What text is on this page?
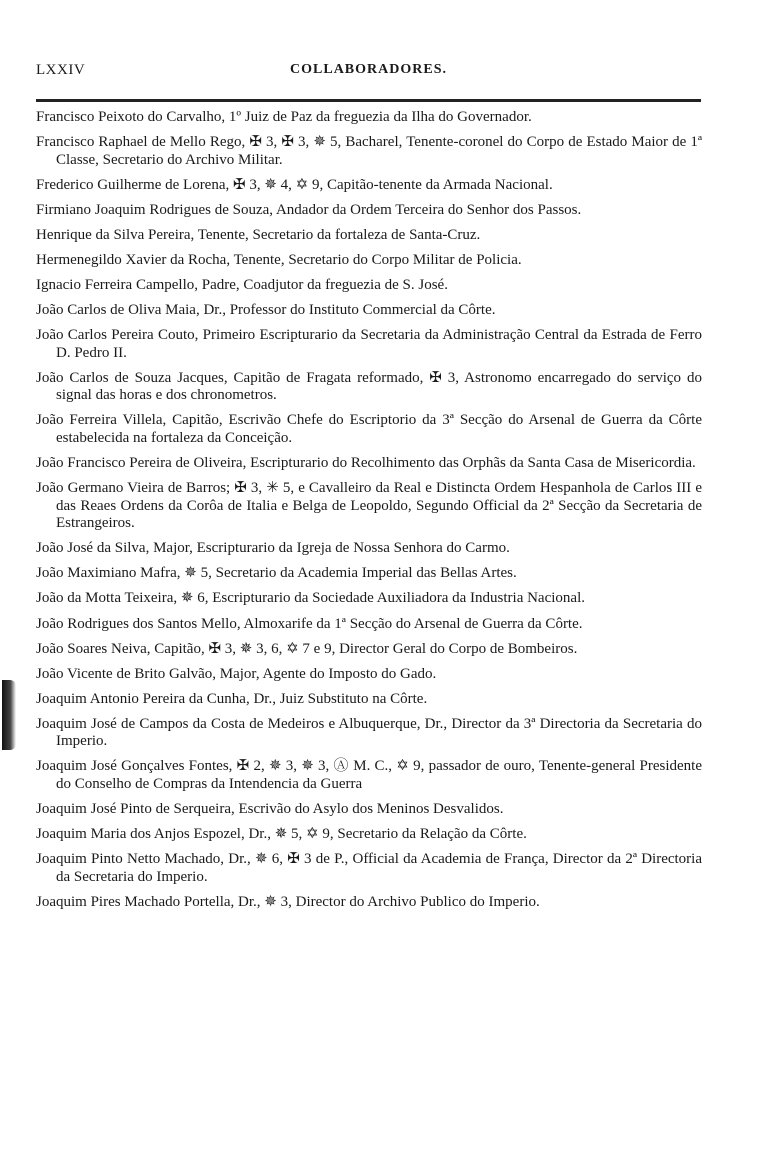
LXXIV	COLLABORADORES.
Francisco Peixoto do Carvalho, 1º Juiz de Paz da freguezia da Ilha do Governador.
Francisco Raphael de Mello Rego, ✠ 3, ✠ 3, ✵ 5, Bacharel, Tenente-coronel do Corpo de Estado Maior de 1ª Classe, Secretario do Archivo Militar.
Frederico Guilherme de Lorena, ✠ 3, ✵ 4, ✡ 9, Capitão-tenente da Armada Nacional.
Firmiano Joaquim Rodrigues de Souza, Andador da Ordem Terceira do Senhor dos Passos.
Henrique da Silva Pereira, Tenente, Secretario da fortaleza de Santa-Cruz.
Hermenegildo Xavier da Rocha, Tenente, Secretario do Corpo Militar de Policia.
Ignacio Ferreira Campello, Padre, Coadjutor da freguezia de S. José.
João Carlos de Oliva Maia, Dr., Professor do Instituto Commercial da Côrte.
João Carlos Pereira Couto, Primeiro Escripturario da Secretaria da Administração Central da Estrada de Ferro D. Pedro II.
João Carlos de Souza Jacques, Capitão de Fragata reformado, ✠ 3, Astronomo encarregado do serviço do signal das horas e dos chronometros.
João Ferreira Villela, Capitão, Escrivão Chefe do Escriptorio da 3ª Secção do Arsenal de Guerra da Côrte estabelecida na fortaleza da Conceição.
João Francisco Pereira de Oliveira, Escripturario do Recolhimento das Orphãs da Santa Casa de Misericordia.
João Germano Vieira de Barros; ✠ 3, ✳ 5, e Cavalleiro da Real e Distincta Ordem Hespanhola de Carlos III e das Reaes Ordens da Corôa de Italia e Belga de Leopoldo, Segundo Official da 2ª Secção da Secretaria de Estrangeiros.
João José da Silva, Major, Escripturario da Igreja de Nossa Senhora do Carmo.
João Maximiano Mafra, ✵ 5, Secretario da Academia Imperial das Bellas Artes.
João da Motta Teixeira, ✵ 6, Escripturario da Sociedade Auxiliadora da Industria Nacional.
João Rodrigues dos Santos Mello, Almoxarife da 1ª Secção do Arsenal de Guerra da Côrte.
João Soares Neiva, Capitão, ✠ 3, ✵ 3, 6, ✡ 7 e 9, Director Geral do Corpo de Bombeiros.
João Vicente de Brito Galvão, Major, Agente do Imposto do Gado.
Joaquim Antonio Pereira da Cunha, Dr., Juiz Substituto na Côrte.
Joaquim José de Campos da Costa de Medeiros e Albuquerque, Dr., Director da 3ª Directoria da Secretaria do Imperio.
Joaquim José Gonçalves Fontes, ✠ 2, ✵ 3, ✵ 3, Ⓐ M. C., ✡ 9, passador de ouro, Tenente-general Presidente do Conselho de Compras da Intendencia da Guerra
Joaquim José Pinto de Serqueira, Escrivão do Asylo dos Meninos Desvalidos.
Joaquim Maria dos Anjos Espozel, Dr., ✵ 5, ✡ 9, Secretario da Relação da Côrte.
Joaquim Pinto Netto Machado, Dr., ✵ 6, ✠ 3 de P., Official da Academia de França, Director da 2ª Directoria da Secretaria do Imperio.
Joaquim Pires Machado Portella, Dr., ✵ 3, Director do Archivo Publico do Imperio.
